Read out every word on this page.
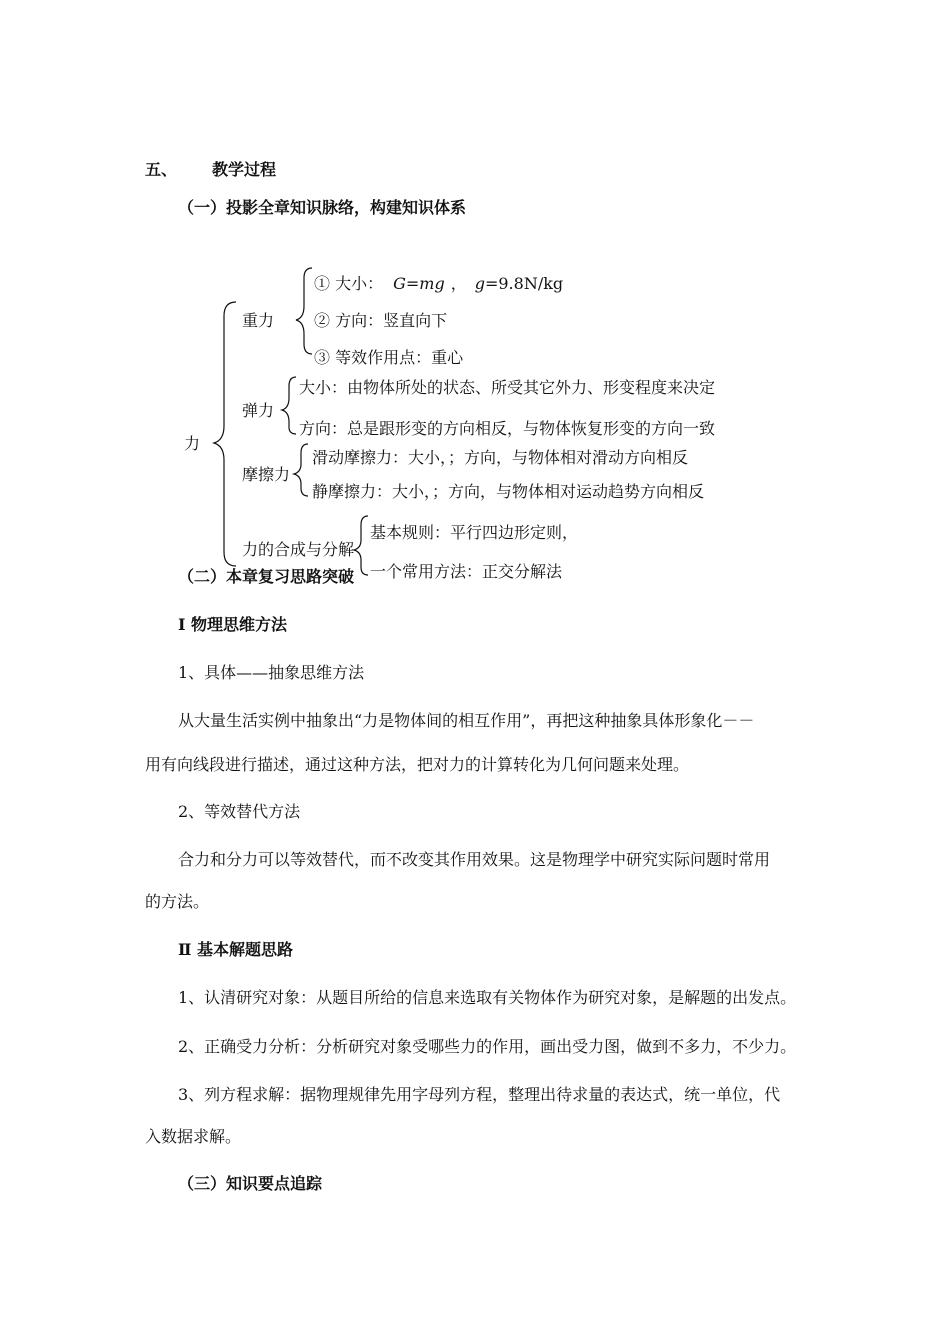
五、 教学过程
（一）投影全章知识脉络，构建知识体系
力
重力
① 大小： G=mg ， g=9.8N/kg
② 方向：竖直向下
③ 等效作用点：重心
弹力
大小：由物体所处的状态、所受其它外力、形变程度来决定
方向：总是跟形变的方向相反，与物体恢复形变的方向一致
摩擦力
滑动摩擦力：大小，；方向，与物体相对滑动方向相反
静摩擦力：大小，；方向，与物体相对运动趋势方向相反
力的合成与分解
基本规则：平行四边形定则，
一个常用方法：正交分解法
（二）本章复习思路突破
Ⅰ 物理思维方法
1、具体——抽象思维方法
从大量生活实例中抽象出“力是物体间的相互作用”，再把这种抽象具体形象化－－
用有向线段进行描述，通过这种方法，把对力的计算转化为几何问题来处理。
2、等效替代方法
合力和分力可以等效替代，而不改变其作用效果。这是物理学中研究实际问题时常用
的方法。
Ⅱ 基本解题思路
1、认清研究对象：从题目所给的信息来选取有关物体作为研究对象，是解题的出发点。
2、正确受力分析：分析研究对象受哪些力的作用，画出受力图，做到不多力，不少力。
3、列方程求解：据物理规律先用字母列方程，整理出待求量的表达式，统一单位，代
入数据求解。
（三）知识要点追踪
